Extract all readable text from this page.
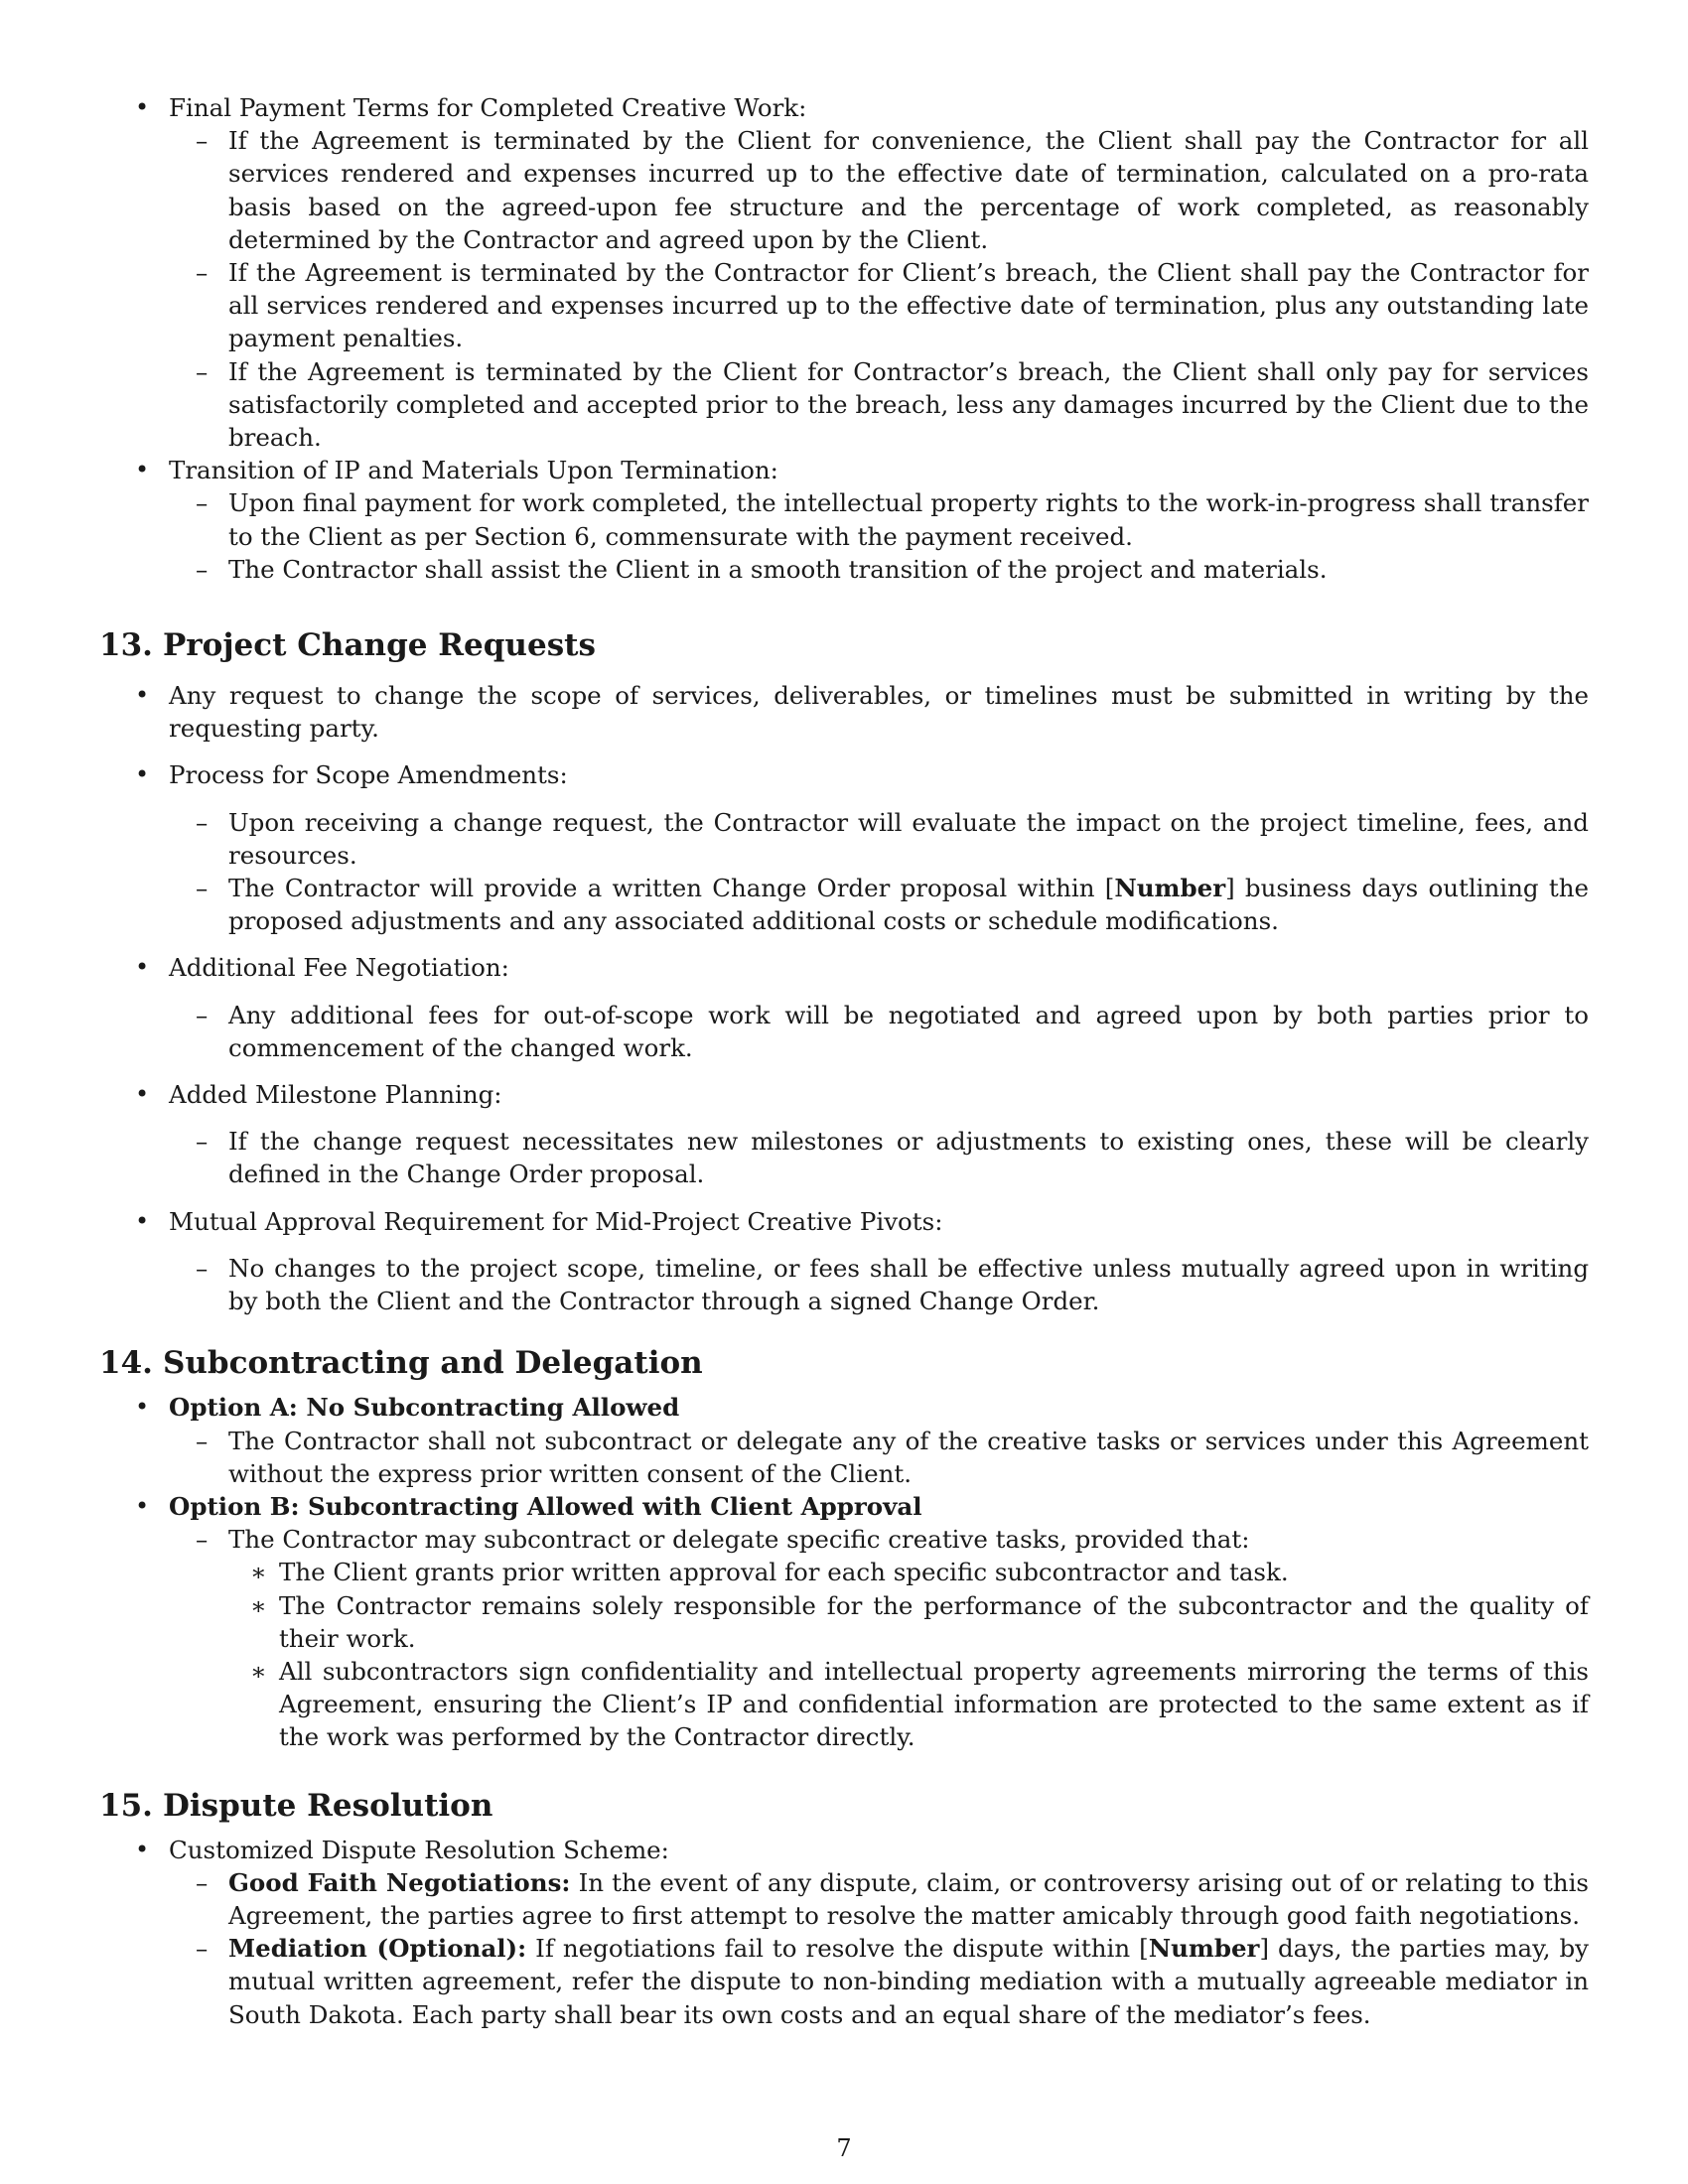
• Final Payment Terms for Completed Creative Work:
– If the Agreement is terminated by the Client for convenience, the Client shall pay the Contractor for all services rendered and expenses incurred up to the effective date of termination, calculated on a pro-rata basis based on the agreed-upon fee structure and the percentage of work completed, as reasonably determined by the Contractor and agreed upon by the Client.
– If the Agreement is terminated by the Contractor for Client’s breach, the Client shall pay the Contractor for all services rendered and expenses incurred up to the effective date of termination, plus any outstanding late payment penalties.
– If the Agreement is terminated by the Client for Contractor’s breach, the Client shall only pay for services satisfactorily completed and accepted prior to the breach, less any damages incurred by the Client due to the breach.
• Transition of IP and Materials Upon Termination:
– Upon final payment for work completed, the intellectual property rights to the work-in-progress shall transfer to the Client as per Section 6, commensurate with the payment received.
– The Contractor shall assist the Client in a smooth transition of the project and materials.
13. Project Change Requests
• Any request to change the scope of services, deliverables, or timelines must be submitted in writing by the requesting party.
• Process for Scope Amendments:
– Upon receiving a change request, the Contractor will evaluate the impact on the project timeline, fees, and resources.
– The Contractor will provide a written Change Order proposal within [Number] business days outlining the proposed adjustments and any associated additional costs or schedule modifications.
• Additional Fee Negotiation:
– Any additional fees for out-of-scope work will be negotiated and agreed upon by both parties prior to commencement of the changed work.
• Added Milestone Planning:
– If the change request necessitates new milestones or adjustments to existing ones, these will be clearly defined in the Change Order proposal.
• Mutual Approval Requirement for Mid-Project Creative Pivots:
– No changes to the project scope, timeline, or fees shall be effective unless mutually agreed upon in writing by both the Client and the Contractor through a signed Change Order.
14. Subcontracting and Delegation
• Option A: No Subcontracting Allowed
– The Contractor shall not subcontract or delegate any of the creative tasks or services under this Agreement without the express prior written consent of the Client.
• Option B: Subcontracting Allowed with Client Approval
– The Contractor may subcontract or delegate specific creative tasks, provided that:
∗ The Client grants prior written approval for each specific subcontractor and task.
∗ The Contractor remains solely responsible for the performance of the subcontractor and the quality of their work.
∗ All subcontractors sign confidentiality and intellectual property agreements mirroring the terms of this Agreement, ensuring the Client’s IP and confidential information are protected to the same extent as if the work was performed by the Contractor directly.
15. Dispute Resolution
• Customized Dispute Resolution Scheme:
– Good Faith Negotiations: In the event of any dispute, claim, or controversy arising out of or relating to this Agreement, the parties agree to first attempt to resolve the matter amicably through good faith negotiations.
– Mediation (Optional): If negotiations fail to resolve the dispute within [Number] days, the parties may, by mutual written agreement, refer the dispute to non-binding mediation with a mutually agreeable mediator in South Dakota. Each party shall bear its own costs and an equal share of the mediator’s fees.
7
